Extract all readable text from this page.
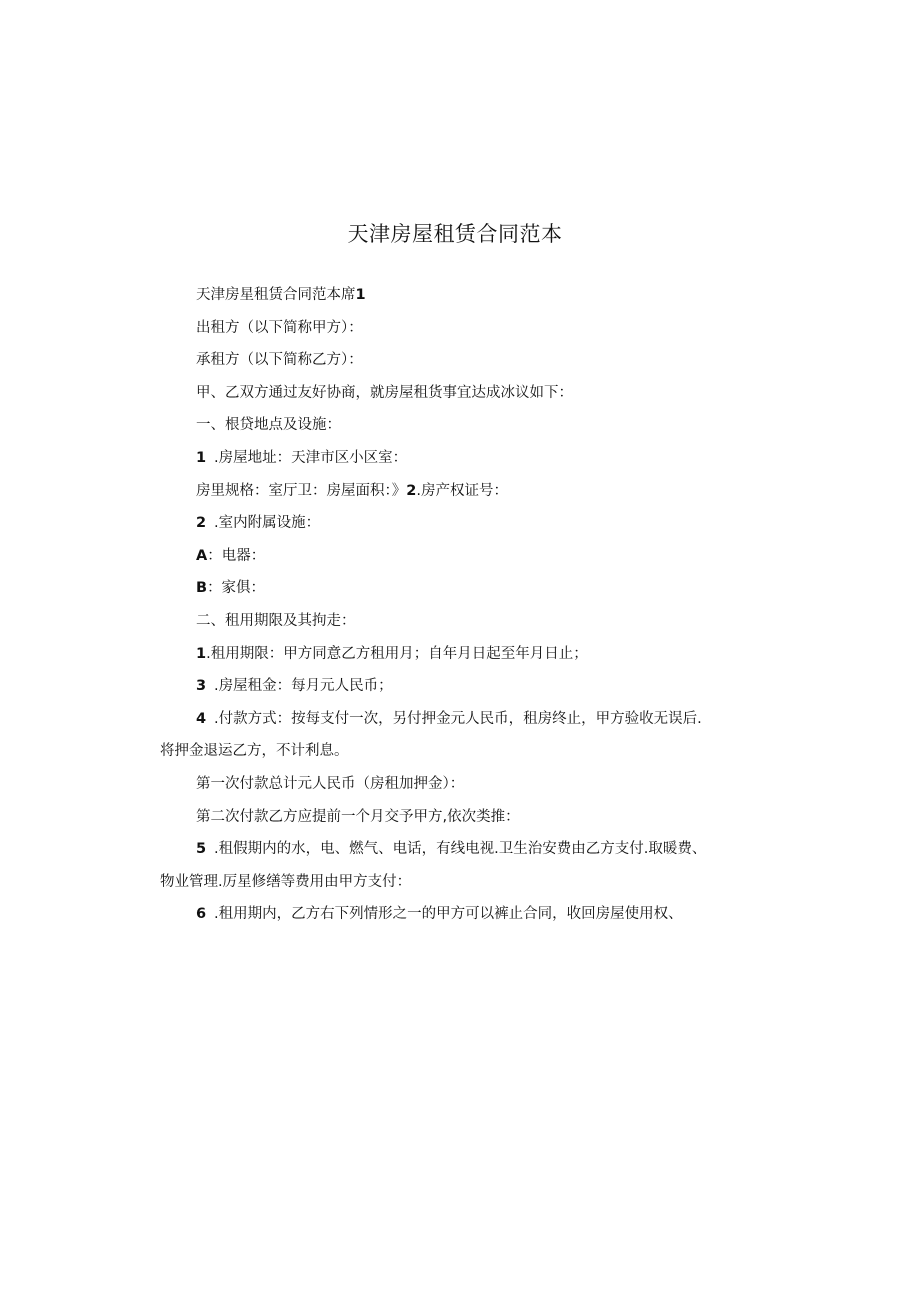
天津房屋租赁合同范本
天津房星租赁合同范本席1
出租方（以下简称甲方）：
承租方（以下简称乙方）：
甲、乙双方通过友好协商，就房屋租货事宜达成冰议如下：
一、根贷地点及设施：
1 .房屋地址：天津市区小区室：
房里规格：室厅卫：房屋面积：》2.房产权证号：
2 .室内附属设施：
A：电器：
B：家俱：
二、租用期限及其拘走：
1.租用期限：甲方同意乙方租用月；自年月日起至年月日止；
3 .房屋租金：每月元人民币；
4 .付款方式：按每支付一次，另付押金元人民币，租房终止，甲方验收无误后.
将押金退运乙方，不计利息。
第一次付款总计元人民币（房租加押金）：
第二次付款乙方应提前一个月交予甲方,依次类推：
5 .租假期内的水，电、燃气、电话，有线电视.卫生治安费由乙方支付.取暖费、
物业管理.厉星修缮等费用由甲方支付：
6 .租用期内，乙方右下列情形之一的甲方可以裤止合同，收回房屋使用权、
